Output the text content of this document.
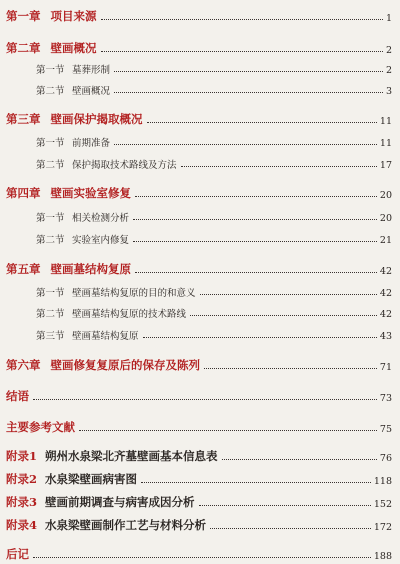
第一章 项目来源	1
第二章 壁画概况	2
第一节 墓葬形制	2
第二节 壁画概况	3
第三章 壁画保护揭取概况	11
第一节 前期准备	11
第二节 保护揭取技术路线及方法	17
第四章 壁画实验室修复	20
第一节 相关检测分析	20
第二节 实验室内修复	21
第五章 壁画墓结构复原	42
第一节 壁画墓结构复原的目的和意义	42
第二节 壁画墓结构复原的技术路线	42
第三节 壁画墓结构复原	43
第六章 壁画修复复原后的保存及陈列	71
结语	73
主要参考文献	75
附录1 朔州水泉梁北齐墓壁画基本信息表	76
附录2 水泉梁壁画病害图	118
附录3 壁画前期调查与病害成因分析	152
附录4 水泉梁壁画制作工艺与材料分析	172
后记	188
